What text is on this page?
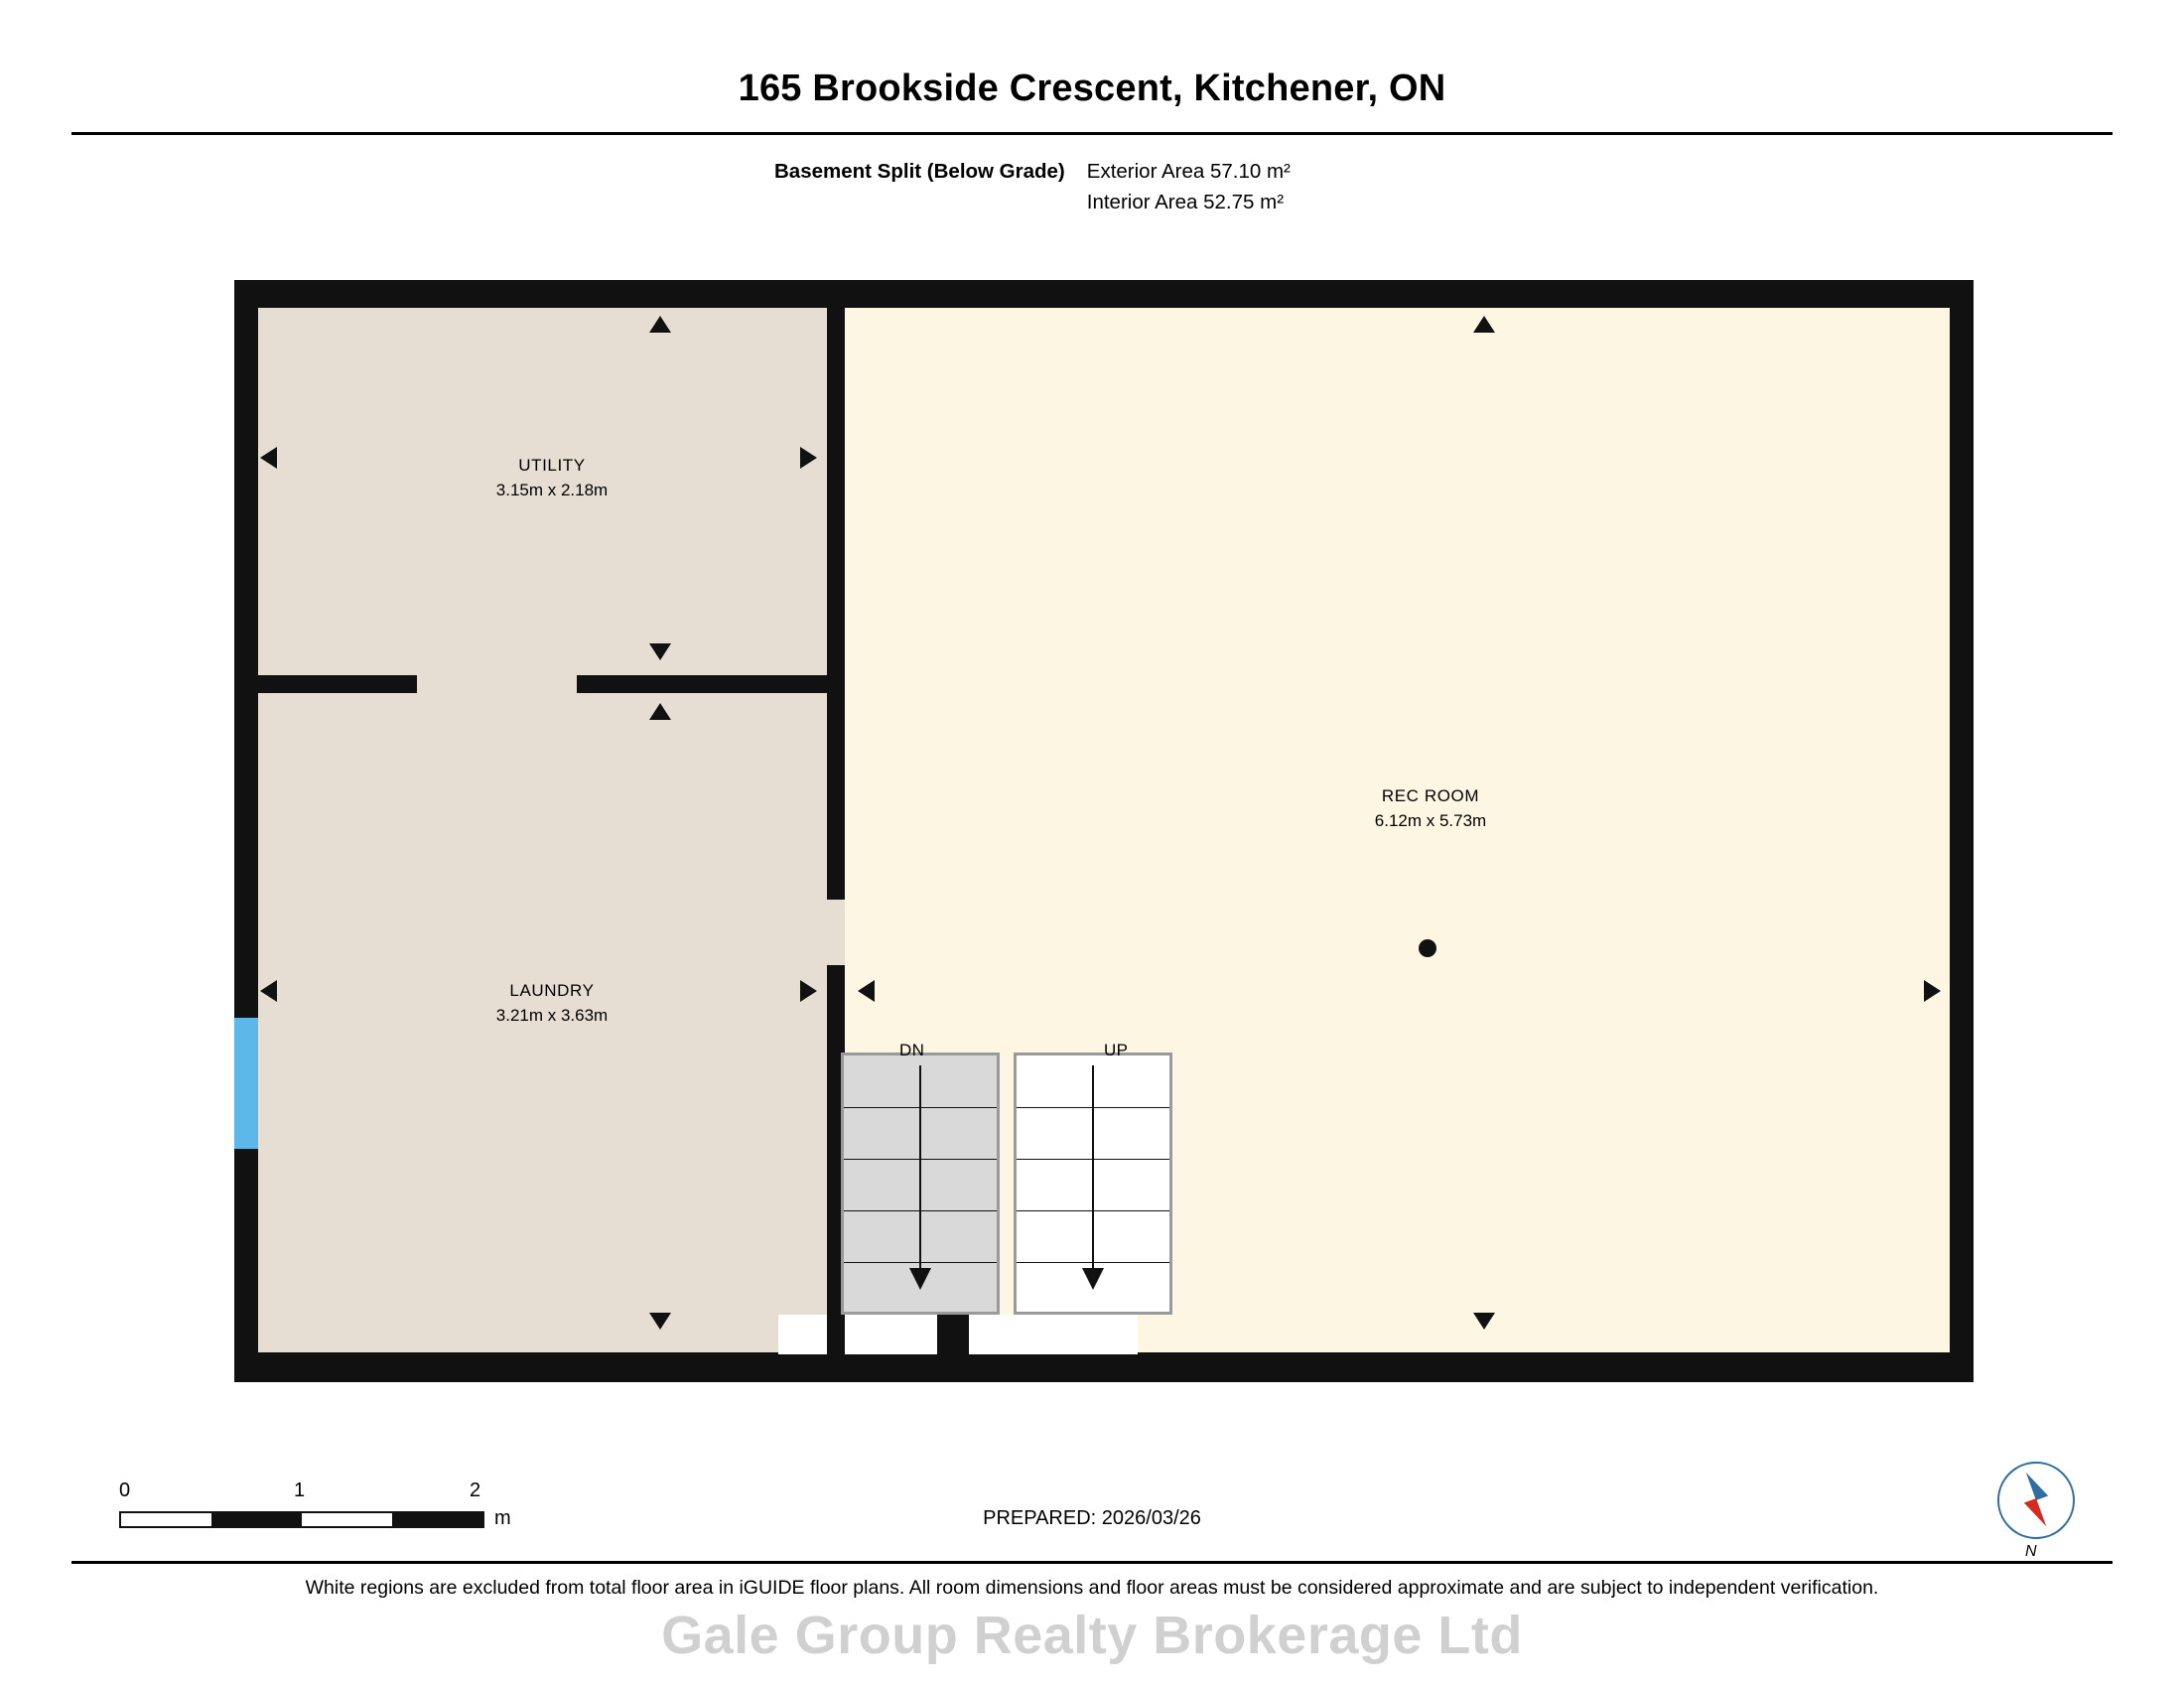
165 Brookside Crescent, Kitchener, ON
Basement Split (Below Grade) Exterior Area 57.10 m²
Interior Area 52.75 m²
UTILITY
3.15m x 2.18m
LAUNDRY
3.21m x 3.63m
REC ROOM
6.12m x 5.73m
DN	UP
0	1	2
m	PREPARED: 2026/03/26
N
White regions are excluded from total floor area in iGUIDE floor plans. All room dimensions and floor areas must be considered approximate and are subject to independent verification.
Gale Group Realty Brokerage Ltd
